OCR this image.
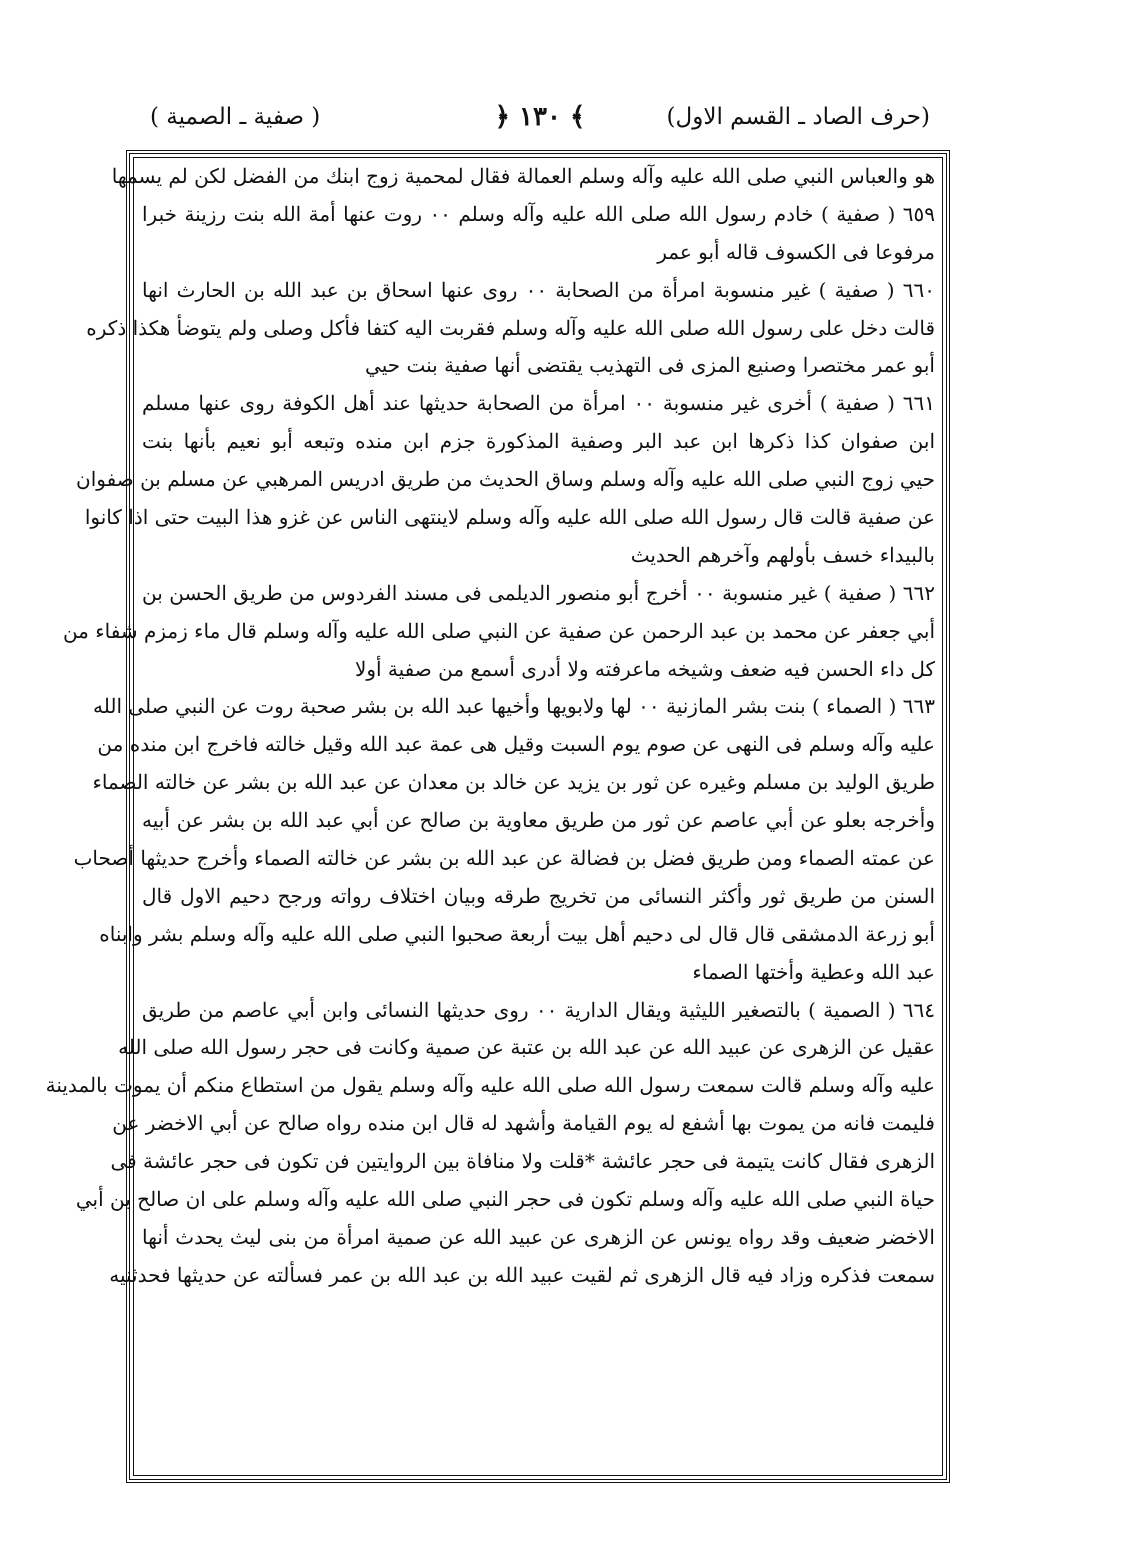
(حرف الصاد ـ القسم الاول)
﴾ ١٣٠ ﴿
( صفية ـ الصمية )
هو والعباس النبي صلى الله عليه وآله وسلم العمالة فقال لمحمية زوج ابنك من الفضل لكن لم يسمها
٦٥٩ ( صفية ) خادم رسول الله صلى الله عليه وآله وسلم ٠٠ روت عنها أمة الله بنت رزينة خبرا
مرفوعا فى الكسوف قاله أبو عمر
٦٦٠ ( صفية ) غير منسوبة امرأة من الصحابة ٠٠ روى عنها اسحاق بن عبد الله بن الحارث انها
قالت دخل على رسول الله صلى الله عليه وآله وسلم فقربت اليه كتفا فأكل وصلى ولم يتوضأ هكذا ذكره
أبو عمر مختصرا وصنيع المزى فى التهذيب يقتضى أنها صفية بنت حيي
٦٦١ ( صفية ) أخرى غير منسوبة ٠٠ امرأة من الصحابة حديثها عند أهل الكوفة روى عنها مسلم
ابن صفوان كذا ذكرها ابن عبد البر وصفية المذكورة جزم ابن منده وتبعه أبو نعيم بأنها بنت
حيي زوج النبي صلى الله عليه وآله وسلم وساق الحديث من طريق ادريس المرهبي عن مسلم بن صفوان
عن صفية قالت قال رسول الله صلى الله عليه وآله وسلم لاينتهى الناس عن غزو هذا البيت حتى اذا كانوا
بالبيداء خسف بأولهم وآخرهم الحديث
٦٦٢ ( صفية ) غير منسوبة ٠٠ أخرج أبو منصور الديلمى فى مسند الفردوس من طريق الحسن بن
أبي جعفر عن محمد بن عبد الرحمن عن صفية عن النبي صلى الله عليه وآله وسلم قال ماء زمزم شفاء من
كل داء الحسن فيه ضعف وشيخه ماعرفته ولا أدرى أسمع من صفية أولا
٦٦٣ ( الصماء ) بنت بشر المازنية ٠٠ لها ولابويها وأخيها عبد الله بن بشر صحبة روت عن النبي صلى الله
عليه وآله وسلم فى النهى عن صوم يوم السبت وقيل هى عمة عبد الله وقيل خالته فاخرج ابن منده من
طريق الوليد بن مسلم وغيره عن ثور بن يزيد عن خالد بن معدان عن عبد الله بن بشر عن خالته الصماء
وأخرجه بعلو عن أبي عاصم عن ثور من طريق معاوية بن صالح عن أبي عبد الله بن بشر عن أبيه
عن عمته الصماء ومن طريق فضل بن فضالة عن عبد الله بن بشر عن خالته الصماء وأخرج حديثها أصحاب
السنن من طريق ثور وأكثر النسائى من تخريج طرقه وبيان اختلاف رواته ورجح دحيم الاول قال
أبو زرعة الدمشقى قال قال لى دحيم أهل بيت أربعة صحبوا النبي صلى الله عليه وآله وسلم بشر وابناه
عبد الله وعطية وأختها الصماء
٦٦٤ ( الصمية ) بالتصغير الليثية ويقال الدارية ٠٠ روى حديثها النسائى وابن أبي عاصم من طريق
عقيل عن الزهرى عن عبيد الله عن عبد الله بن عتبة عن صمية وكانت فى حجر رسول الله صلى الله
عليه وآله وسلم قالت سمعت رسول الله صلى الله عليه وآله وسلم يقول من استطاع منكم أن يموت بالمدينة
فليمت فانه من يموت بها أشفع له يوم القيامة وأشهد له قال ابن منده رواه صالح عن أبي الاخضر عن
الزهرى فقال كانت يتيمة فى حجر عائشة *قلت ولا منافاة بين الروايتين فن تكون فى حجر عائشة فى
حياة النبي صلى الله عليه وآله وسلم تكون فى حجر النبي صلى الله عليه وآله وسلم على ان صالح بن أبي
الاخضر ضعيف وقد رواه يونس عن الزهرى عن عبيد الله عن صمية امرأة من بنى ليث يحدث أنها
سمعت فذكره وزاد فيه قال الزهرى ثم لقيت عبيد الله بن عبد الله بن عمر فسألته عن حديثها فحدثنيه
